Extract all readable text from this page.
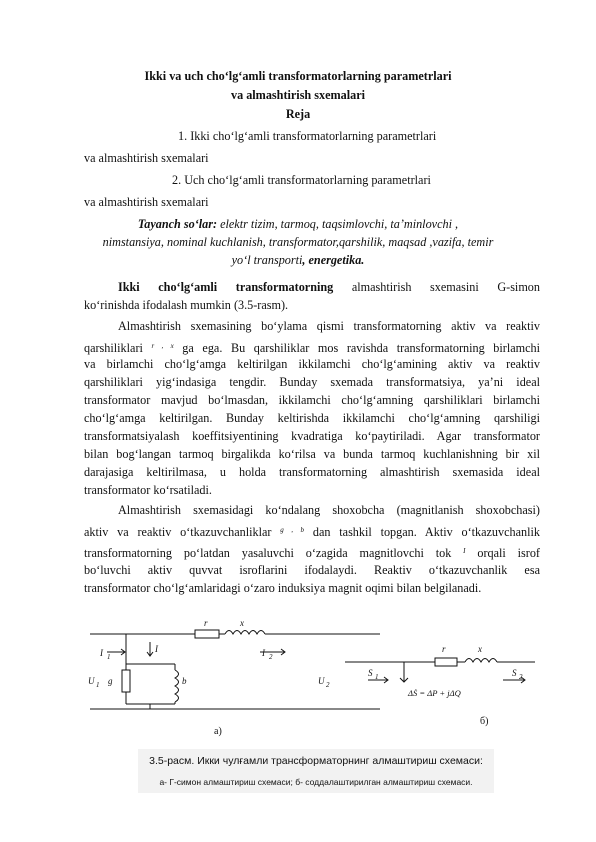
Ikki va uch cho‘lg‘amli transformatorlarning parametrlari
va almashtirish sxemalari
Reja
1. Ikki cho‘lg‘amli transformatorlarning parametrlari
va almashtirish sxemalari
2. Uch cho‘lg‘amli transformatorlarning parametrlari
va almashtirish sxemalari
Tayanch so‘lar: elektr tizim, tarmoq, taqsimlovchi, ta’minlovchi ,
nimstansiya, nominal kuchlanish, transformator,qarshilik, maqsad ,vazifa, temir
yo‘l transporti, energetika.
Ikki cho‘lg‘amli transformatorning almashtirish sxemasini G-simon
ko‘rinishda ifodalash mumkin (3.5-rasm).
Almashtirish sxemasining bo‘ylama qismi transformatorning aktiv va reaktiv
qarshiliklari $^{r , x}$ ga ega. Bu qarshiliklar mos ravishda transformatorning birlamchi
va birlamchi cho‘lg‘amga keltirilgan ikkilamchi cho‘lg‘amining aktiv va reaktiv
qarshiliklari yig‘indasiga tengdir. Bunday sxemada transformatsiya, ya’ni ideal
transformator mavjud bo‘lmasdan, ikkilamchi cho‘lg‘amning qarshiliklari birlamchi
cho‘lg‘amga keltirilgan. Bunday keltirishda ikkilamchi cho‘lg‘amning qarshiligi
transformatsiyalash koeffitsiyentining kvadratiga ko‘paytiriladi. Agar transformator
bilan bog‘langan tarmoq birgalikda ko‘rilsa va bunda tarmoq kuchlanishning bir xil
darajasiga keltirilmasa, u holda transformatorning almashtirish sxemasida ideal
transformator ko‘rsatiladi.
Almashtirish sxemasidagi ko‘ndalang shoxobcha (magnitlanish shoxobchasi)
aktiv va reaktiv o‘tkazuvchanliklar $^{g , b}$ dan tashkil topgan. Aktiv o‘tkazuvchanlik
transformatorning po‘latdan yasaluvchi o‘zagida magnitlovchi tok $^I$ orqali isrof
bo‘luvchi aktiv quvvat isroflarini ifodalaydi. Reaktiv o‘tkazuvchanlik esa
transformator cho‘lg‘amlaridagi o‘zaro induksiya magnit oqimi bilan belgilanadi.
r	x
I 1
I	I 2
U 1 g	b	U 2
а)
r	x
S 1	S 2
ΔṠ = ΔP + jΔQ
б)
3.5-расм. Икки чулғамли трансформаторнинг алмаштириш схемаси:
а- Г-симон алмаштириш схемаси; б- соддалаштирилган алмаштириш схемаси.
